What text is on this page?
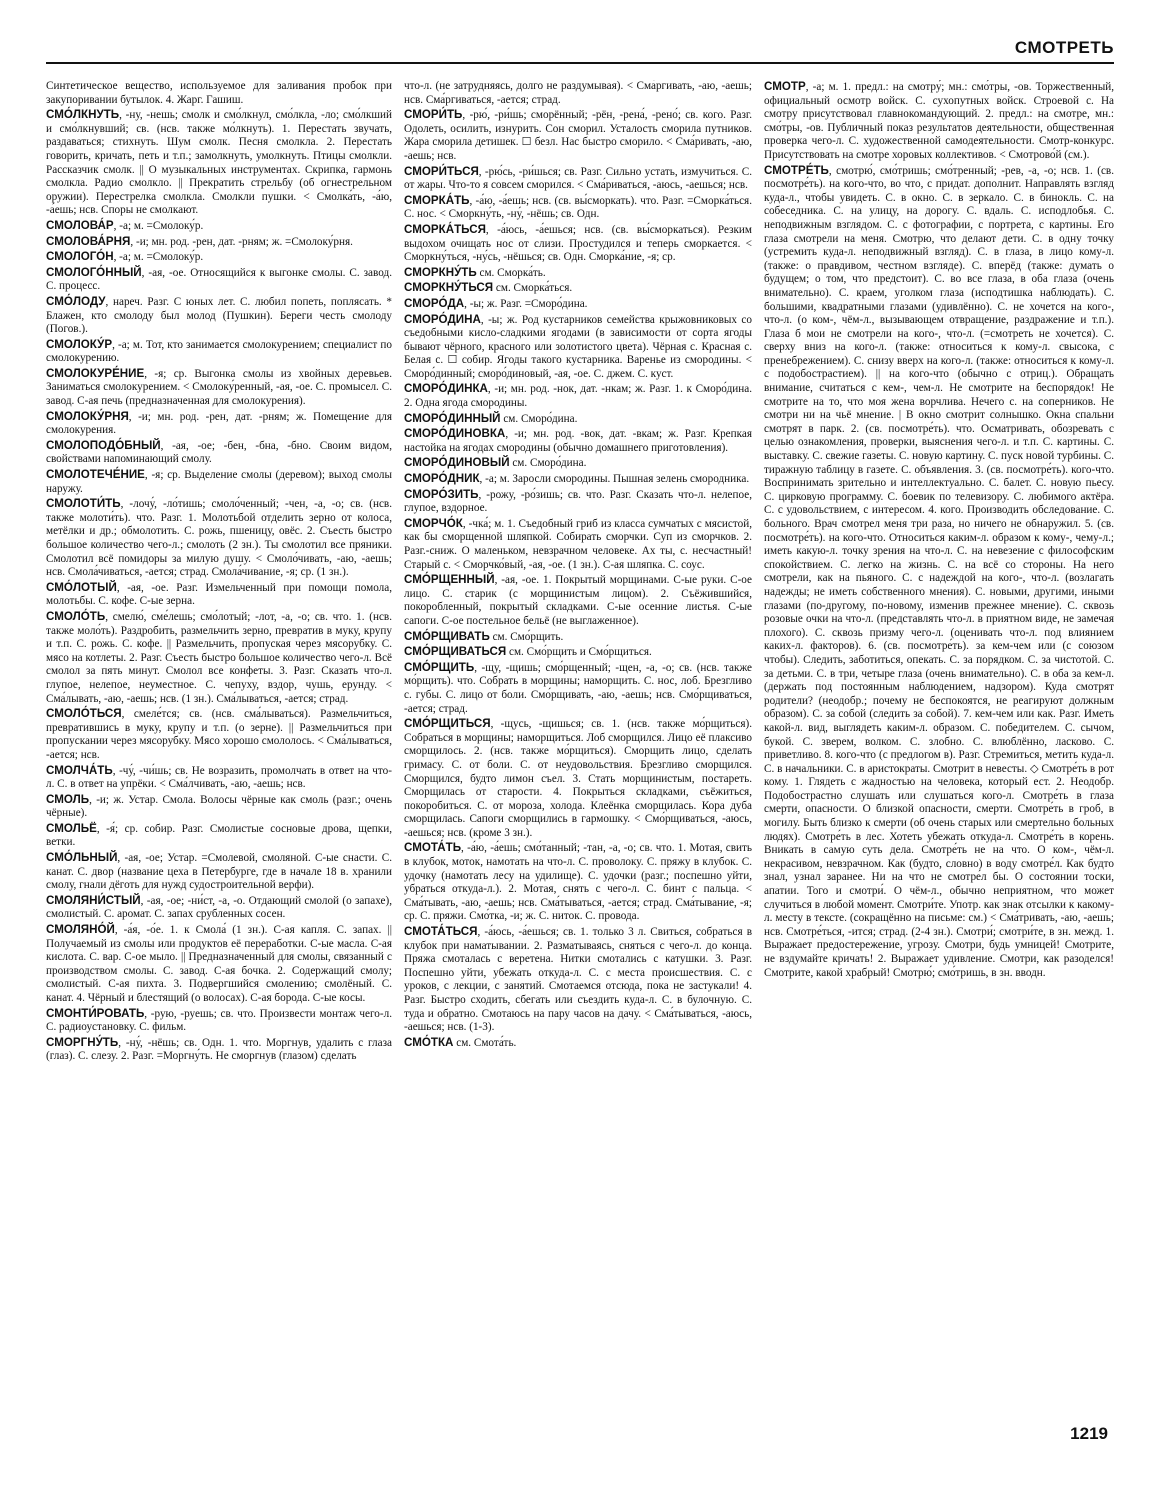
СМОТРЕТЬ
Синтетическое вещество, используемое для заливания пробок при закупоривании бутылок. 4. Жарг. Гашиш.
СМО́ЛКНУТЬ, -ну, -нешь; смолк и смо́лкнул, смо́лкла, -ло; смо́лкший и смо́лкнувший; св. (нсв. также мо́лкнуть). 1. Перестать звучать, раздаваться; стихнуть. Шум смолк. Песня смолкла. 2. Перестать говорить, кричать, петь и т.п.; замолкнуть, умолкнуть. Птицы смолкли. Рассказчик смолк. || О музыкальных инструментах. Скрипка, гармонь смолкла. Радио смолкло. || Прекратить стрельбу (об огнестрельном оружии). Перестрелка смолкла. Смолкли пушки. < Смолка́ть, -а́ю, -а́ешь; нсв. Споры не смолкают.
СМОЛОВА́Р, -а; м. =Смолоку́р.
СМОЛОВА́РНЯ, -и; мн. род. -рен, дат. -рням; ж. =Смолоку́рня.
СМОЛОГО́Н, -а; м. =Смолоку́р.
СМОЛОГО́ННЫЙ, -ая, -ое. Относящийся к выгонке смолы. С. завод. С. процесс.
СМО́ЛОДУ, нареч. Разг. С юных лет. С. любил попеть, поплясать. * Блажен, кто смолоду был молод (Пушкин). Береги честь смолоду (Погов.).
СМОЛОКУ́Р, -а; м. Тот, кто занимается смолокурением; специалист по смолокурению.
СМОЛОКУРЕ́НИЕ, -я; ср. Выгонка смолы из хвойных деревьев. Заниматься смолокурением. < Смолоку́ренный, -ая, -ое. С. промысел. С. завод. С-ая печь (предназначенная для смолокурения).
СМОЛОКУ́РНЯ, -и; мн. род. -рен, дат. -рням; ж. Помещение для смолокурения.
СМОЛОПОДО́БНЫЙ, -ая, -ое; -бен, -бна, -бно. Своим видом, свойствами напоминающий смолу.
СМОЛОТЕЧЕ́НИЕ, -я; ср. Выделение смолы (деревом); выход смолы наружу.
СМОЛОТИ́ТЬ, -лочу́, -ло́тишь; смоло́ченный; -чен, -а, -о; св. (нсв. также молоти́ть). что. Разг. 1. Молотьбой отделить зерно от колоса, метёлки и др.; обмолотить. С. рожь, пшеницу, овёс. 2. Съесть быстро большое количество чего-л.; смолоть (2 зн.). Ты смолотил все пряники. Смолотил всё помидоры за милую душу. < Смоло́чивать, -аю, -аешь; нсв. Смола́чиваться, -ается; страд. Смола́чивание, -я; ср. (1 зн.).
СМО́ЛОТЫЙ, -ая, -ое. Разг. Измельченный при помощи помола, молотьбы. С. кофе. С-ые зерна.
СМОЛО́ТЬ, смелю́, сме́лешь; смо́лотый; -лот, -а, -о; св. что. 1. (нсв. также моло́ть). Раздробить, размельчить зерно, превратив в муку, крупу и т.п. С. рожь. С. кофе. || Размельчить, пропуская через мясорубку. С. мясо на котлеты. 2. Разг. Съесть быстро большое количество чего-л. Всё смолол за пять минут. Смолол все конфеты. 3. Разг. Сказать что-л. глупое, нелепое, неуместное. С. чепуху, вздор, чушь, ерунду. < Сма́лывать, -аю, -аешь; нсв. (1 зн.). Сма́лываться, -ается; страд.
СМОЛО́ТЬСЯ, смеле́тся; св. (нсв. сма́лываться). Размельчиться, превратившись в муку, крупу и т.п. (о зерне). || Размельчиться при пропускании через мясорубку. Мясо хорошо смололось. < Сма́лываться, -ается; нсв.
СМОЛЧА́ТЬ, -чу́, -чи́шь; св. Не возразить, промолчать в ответ на что-л. С. в ответ на упрёки. < Сма́лчивать, -аю, -аешь; нсв.
СМОЛЬ, -и; ж. Устар. Смола. Волосы чёрные как смоль (разг.; очень чёрные).
СМОЛЬЁ, -я́; ср. собир. Разг. Смолистые сосновые дрова, щепки, ветки.
СМО́ЛЬНЫЙ, -ая, -ое; Устар. =Смолевой, смоляной. С-ые снасти. С. канат. С. двор (название цеха в Петербурге, где в начале 18 в. хранили смолу, гнали дёготь для нужд судостроительной верфи).
СМОЛЯНИ́СТЫЙ, -ая, -ое; -ни́ст, -а, -о. Отдающий смолой (о запахе), смолистый. С. аромат. С. запах срубленных сосен.
СМОЛЯНО́Й, -а́я, -о́е. 1. к Смола́ (1 зн.). С-ая капля. С. запах. || Получаемый из смолы или продуктов её переработки. С-ые масла. С-ая кислота. С. вар. С-ое мыло. || Предназначенный для смолы, связанный с производством смолы. С. завод. С-ая бочка. 2. Содержащий смолу; смолистый. С-ая пихта. 3. Подвергшийся смолению; смолёный. С. канат. 4. Чёрный и блестящий (о волосах). С-ая борода. С-ые косы.
СМОНТИ́РОВАТЬ, -рую, -руешь; св. что. Произвести монтаж чего-л. С. радиоустановку. С. фильм.
СМОРГНУ́ТЬ, -ну́, -нёшь; св. Одн. 1. что. Моргнув, удалить с глаза (глаз). С. слезу. 2. Разг. =Моргну́ть. Не сморгнув (глазом) сделать
что-л. (не затрудняясь, долго не раздумывая). < Сма́ргивать, -аю, -аешь; нсв. Сма́ргиваться, -ается; страд.
СМОРИ́ТЬ, -рю́, -ри́шь; сморённый; -рён, -рена́, -рено́; св. кого. Разг. Одолеть, осилить, изнурить. Сон сморил. Усталость сморила путников. Жара сморила детишек. ☐ безл. Нас быстро сморило. < Сма́ривать, -аю, -аешь; нсв.
СМОРИ́ТЬСЯ, -рю́сь, -ри́шься; св. Разг. Сильно устать, измучиться. С. от жары. Что-то я совсем сморился. < Сма́риваться, -аюсь, -аешься; нсв.
СМОРКА́ТЬ, -а́ю, -а́ешь; нсв. (св. вы́сморкать). что. Разг. =Сморка́ться. С. нос. < Сморкну́ть, -ну́, -нёшь; св. Одн.
СМОРКА́ТЬСЯ, -а́юсь, -а́ешься; нсв. (св. вы́сморкаться). Резким выдохом очищать нос от слизи. Простудился и теперь сморкается. < Сморкну́ться, -ну́сь, -нёшься; св. Одн. Сморка́ние, -я; ср.
СМОРКНУ́ТЬ см. Сморка́ть.
СМОРКНУ́ТЬСЯ см. Сморка́ться.
СМОРО́ДА, -ы; ж. Разг. =Сморо́дина.
СМОРО́ДИНА, -ы; ж. Род кустарников семейства крыжовниковых со съедобными кисло-сладкими ягодами (в зависимости от сорта ягоды бывают чёрного, красного или золотистого цвета). Чёрная с. Красная с. Белая с. ☐ собир. Ягоды такого кустарника. Варенье из смородины. < Сморо́динный; сморо́диновый, -ая, -ое. С. джем. С. куст.
СМОРО́ДИНКА, -и; мн. род. -нок, дат. -нкам; ж. Разг. 1. к Сморо́дина. 2. Одна ягода смородины.
СМОРО́ДИННЫЙ см. Сморо́дина.
СМОРО́ДИНОВКА, -и; мн. род. -вок, дат. -вкам; ж. Разг. Крепкая настойка на ягодах смородины (обычно домашнего приготовления).
СМОРО́ДИНОВЫЙ см. Сморо́дина.
СМОРО́ДНИК, -а; м. Заросли смородины. Пышная зелень смородника.
СМОРО́ЗИТЬ, -рожу, -ро́зишь; св. что. Разг. Сказать что-л. нелепое, глупое, вздорное.
СМОРЧО́К, -чка́; м. 1. Съедобный гриб из класса сумчатых с мясистой, как бы сморщенной шляпкой. Собирать сморчки. Суп из сморчков. 2. Разг.-сниж. О маленьком, невзрачном человеке. Ах ты, с. несчастный! Старый с. < Сморчко́вый, -ая, -ое. (1 зн.). С-ая шляпка. С. соус.
СМО́РЩЕННЫЙ, -ая, -ое. 1. Покрытый морщинами. С-ые руки. С-ое лицо. С. старик (с морщинистым лицом). 2. Съёжившийся, покоробленный, покрытый складками. С-ые осенние листья. С-ые сапоги. С-ое постельное бельё (не выглаженное).
СМО́РЩИВАТЬ см. Смо́рщить.
СМО́РЩИВАТЬСЯ см. Смо́рщить и Смо́рщиться.
СМО́РЩИТЬ, -щу, -щишь; смо́рщенный; -щен, -а, -о; св. (нсв. также мо́рщить). что. Собрать в морщины; наморщить. С. нос, лоб. Брезгливо с. губы. С. лицо от боли. Смо́рщивать, -аю, -аешь; нсв. Смо́рщиваться, -ается; страд.
СМО́РЩИТЬСЯ, -щусь, -щишься; св. 1. (нсв. также мо́рщиться). Собраться в морщины; наморщиться. Лоб сморщился. Лицо её плаксиво сморщилось. 2. (нсв. также мо́рщиться). Сморщить лицо, сделать гримасу. С. от боли. С. от неудовольствия. Брезгливо сморщился. Сморщился, будто лимон съел. 3. Стать морщинистым, постареть. Сморщилась от старости. 4. Покрыться складками, съёжиться, покоробиться. С. от мороза, холода. Клеёнка сморщилась. Кора дуба сморщилась. Сапоги сморщились в гармошку. < Смо́рщиваться, -аюсь, -аешься; нсв. (кроме 3 зн.).
СМОТА́ТЬ, -а́ю, -а́ешь; смо́танный; -тан, -а, -о; св. что. 1. Мотая, свить в клубок, моток, намотать на что-л. С. проволоку. С. пряжу в клубок. С. удочку (намотать лесу на удилище). С. удочки (разг.; поспешно уйти, убраться откуда-л.). 2. Мотая, снять с чего-л. С. бинт с пальца. < Сма́тывать, -аю, -аешь; нсв. Сма́тываться, -ается; страд. Сма́тывание, -я; ср. С. пряжи. Смо́тка, -и; ж. С. ниток. С. провода.
СМОТА́ТЬСЯ, -а́юсь, -а́ешься; св. 1. только 3 л. Свиться, собраться в клубок при наматывании. 2. Разматываясь, сняться с чего-л. до конца. Пряжа смоталась с веретена. Нитки смотались с катушки. 3. Разг. Поспешно уйти, убежать откуда-л. С. с места происшествия. С. с уроков, с лекции, с занятий. Смотаемся отсюда, пока не застукали! 4. Разг. Быстро сходить, сбегать или съездить куда-л. С. в булочную. С. туда и обратно. Смотаюсь на пару часов на дачу. < Сма́тываться, -аюсь, -аешься; нсв. (1-3).
СМО́ТКА см. Смота́ть.
СМОТР, -а; м. 1. предл.: на смотру́; мн.: смо́тры, -ов. Торжественный, официальный осмотр войск. С. сухопутных войск. Строевой с. На смотру присутствовал главнокомандующий. 2. предл.: на смотре, мн.: смо́тры, -ов. Публичный показ результатов деятельности, общественная проверка чего-л. С. художественной самодеятельности. Смотр-конкурс. Присутствовать на смотре хоровых коллективов. < Смотрово́й (см.).
СМОТРЕ́ТЬ, смотрю́, смо́тришь; смо́тренный; -рев, -а, -о; нсв. 1. (св. посмотре́ть). на кого-что, во что, с придат. дополнит. Направлять взгляд куда-л., чтобы увидеть. С. в окно. С. в зеркало. С. в бинокль. С. на собеседника. С. на улицу, на дорогу. С. вдаль. С. исподлобья. С. неподвижным взглядом. С. с фотографии, с портрета, с картины. Его глаза смотрели на меня. Смотрю, что делают дети. С. в одну точку (устремить куда-л. неподвижный взгляд). С. в глаза, в лицо кому-л. (также: о правдивом, честном взгляде). С. вперёд (также: думать о будущем; о том, что предстоит). С. во все глаза, в оба глаза (очень внимательно). С. краем, уголком глаза (исподтишка наблюдать). С. большими, квадратными глазами (удивлённо). С. не хочется на кого-, что-л. (о ком-, чём-л., вызывающем отвращение, раздражение и т.п.). Глаза б мои не смотрели на кого-, что-л. (=смотреть не хочется). С. сверху вниз на кого-л. (также: относиться к кому-л. свысока, с пренебрежением). С. снизу вверх на кого-л. (также: относиться к кому-л. с подобострастием). || на кого-что (обычно с отриц.). Обращать внимание, считаться с кем-, чем-л. Не смотрите на беспорядок! Не смотрите на то, что моя жена ворчлива. Нечего с. на соперников. Не смотри ни на чьё мнение. | В окно смотрит солнышко. Окна спальни смотрят в парк. 2. (св. посмотре́ть). что. Осматривать, обозревать с целью ознакомления, проверки, выяснения чего-л. и т.п. С. картины. С. выставку. С. свежие газеты. С. новую картину. С. пуск новой турбины. С. тиражную таблицу в газете. С. объявления. 3. (св. посмотре́ть). кого-что. Воспринимать зрительно и интеллектуально. С. балет. С. новую пьесу. С. цирковую программу. С. боевик по телевизору. С. любимого актёра. С. с удовольствием, с интересом. 4. кого. Производить обследование. С. больного. Врач смотрел меня три раза, но ничего не обнаружил. 5. (св. посмотре́ть). на кого-что. Относиться каким-л. образом к кому-, чему-л.; иметь какую-л. точку зрения на что-л. С. на невезение с философским спокойствием. С. легко на жизнь. С. на всё со стороны. На него смотрели, как на пьяного. С. с надеждой на кого-, что-л. (возлагать надежды; не иметь собственного мнения). С. новыми, другими, иными глазами (по-другому, по-новому, изменив прежнее мнение). С. сквозь розовые очки на что-л. (представлять что-л. в приятном виде, не замечая плохого). С. сквозь призму чего-л. (оценивать что-л. под влиянием каких-л. факторов). 6. (св. посмотре́ть). за кем-чем или (с союзом чтобы). Следить, заботиться, опекать. С. за порядком. С. за чистотой. С. за детьми. С. в три, четыре глаза (очень внимательно). С. в оба за кем-л. (держать под постоянным наблюдением, надзором). Куда смотрят родители? (неодобр.; почему не беспокоятся, не реагируют должным образом). С. за собой (следить за собой). 7. кем-чем или как. Разг. Иметь какой-л. вид, выглядеть каким-л. образом. С. победителем. С. сычом, букой. С. зверем, волком. С. злобно. С. влюблённо, ласково. С. приветливо. 8. кого-что (с предлогом в). Разг. Стремиться, метить куда-л. С. в начальники. С. в аристократы. Смотрит в невесты. ◇ Смотре́ть в рот кому. 1. Глядеть с жадностью на человека, который ест. 2. Неодобр. Подобострастно слушать или слушаться кого-л. Смотре́ть в глаза смерти, опасности. О близкой опасности, смерти. Смотре́ть в гроб, в могилу. Быть близко к смерти (об очень старых или смертельно больных людях). Смотре́ть в лес. Хотеть убежать откуда-л. Смотре́ть в корень. Вникать в самую суть дела. Смотре́ть не на что. О ком-, чём-л. некрасивом, невзрачном. Как (будто, словно) в воду смотре́л. Как будто знал, узнал заранее. Ни на что не смотре́л бы. О состоянии тоски, апатии. Того и смотри́. О чём-л., обычно неприятном, что может случиться в любой момент. Смотри́те. Употр. как знак отсылки к какому-л. месту в тексте. (сокращённо на письме: см.) < Сма́тривать, -аю, -аешь; нсв. Смотре́ться, -ится; страд. (2-4 зн.). Смотри́; смотри́те, в зн. межд. 1. Выражает предостережение, угрозу. Смотри, будь умницей! Смотрите, не вздумайте кричать! 2. Выражает удивление. Смотри, как разоделся! Смотрите, какой храбрый! Смотрю́; смо́тришь, в зн. вводн.
1219
